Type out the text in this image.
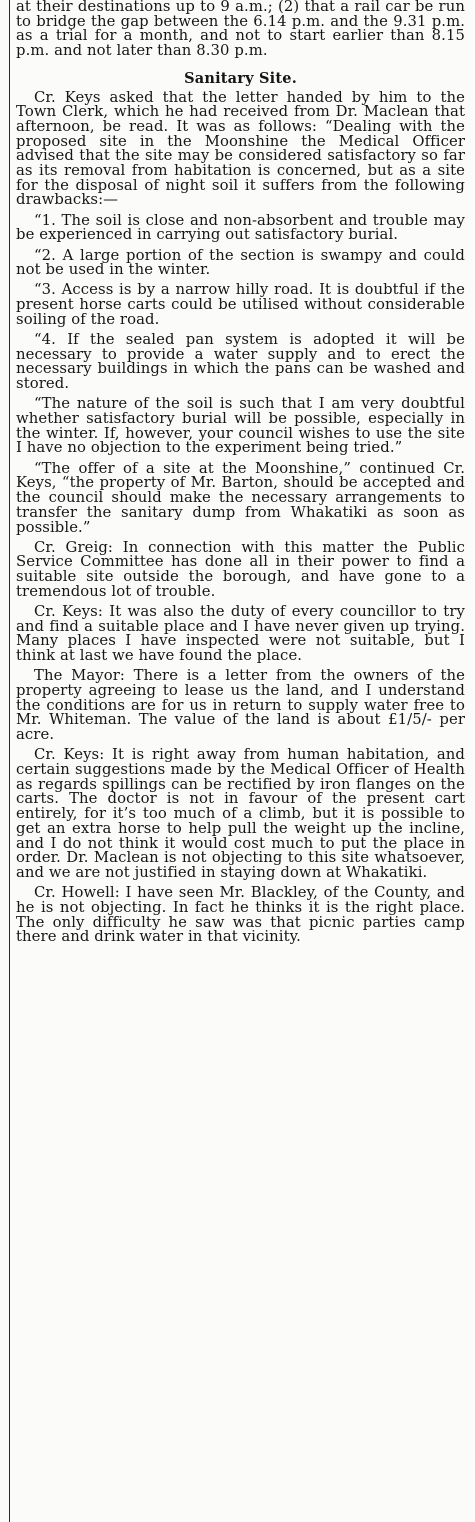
at their destinations up to 9 a.m.; (2) that a rail car be run to bridge the gap between the 6.14 p.m. and the 9.31 p.m. as a trial for a month, and not to start earlier than 8.15 p.m. and not later than 8.30 p.m.

Sanitary Site.

Cr. Keys asked that the letter handed by him to the Town Clerk, which he had received from Dr. Maclean that afternoon, be read. It was as follows: “Dealing with the proposed site in the Moonshine the Medical Officer advised that the site may be considered satisfactory so far as its removal from habitation is concerned, but as a site for the disposal of night soil it suffers from the following drawbacks:—

“1. The soil is close and non-absorbent and trouble may be experienced in carrying out satisfactory burial.

“2. A large portion of the section is swampy and could not be used in the winter.

“3. Access is by a narrow hilly road. It is doubtful if the present horse carts could be utilised without considerable soiling of the road.

“4. If the sealed pan system is adopted it will be necessary to provide a water supply and to erect the necessary buildings in which the pans can be washed and stored.

“The nature of the soil is such that I am very doubtful whether satisfactory burial will be possible, especially in the winter. If, however, your council wishes to use the site I have no objection to the experiment being tried.”

“The offer of a site at the Moonshine,” continued Cr. Keys, “the property of Mr. Barton, should be accepted and the council should make the necessary arrangements to transfer the sanitary dump from Whakatiki as soon as possible.”

Cr. Greig: In connection with this matter the Public Service Committee has done all in their power to find a suitable site outside the borough, and have gone to a tremendous lot of trouble.

Cr. Keys: It was also the duty of every councillor to try and find a suitable place and I have never given up trying. Many places I have inspected were not suitable, but I think at last we have found the place.

The Mayor: There is a letter from the owners of the property agreeing to lease us the land, and I understand the conditions are for us in return to supply water free to Mr. Whiteman. The value of the land is about £1/5/- per acre.

Cr. Keys: It is right away from human habitation, and certain suggestions made by the Medical Officer of Health as regards spillings can be rectified by iron flanges on the carts. The doctor is not in favour of the present cart entirely, for it’s too much of a climb, but it is possible to get an extra horse to help pull the weight up the incline, and I do not think it would cost much to put the place in order. Dr. Maclean is not objecting to this site whatsoever, and we are not justified in staying down at Whakatiki.

Cr. Howell: I have seen Mr. Blackley, of the County, and he is not objecting. In fact he thinks it is the right place. The only difficulty he saw was that picnic parties camp there and drink water in that vicinity.
